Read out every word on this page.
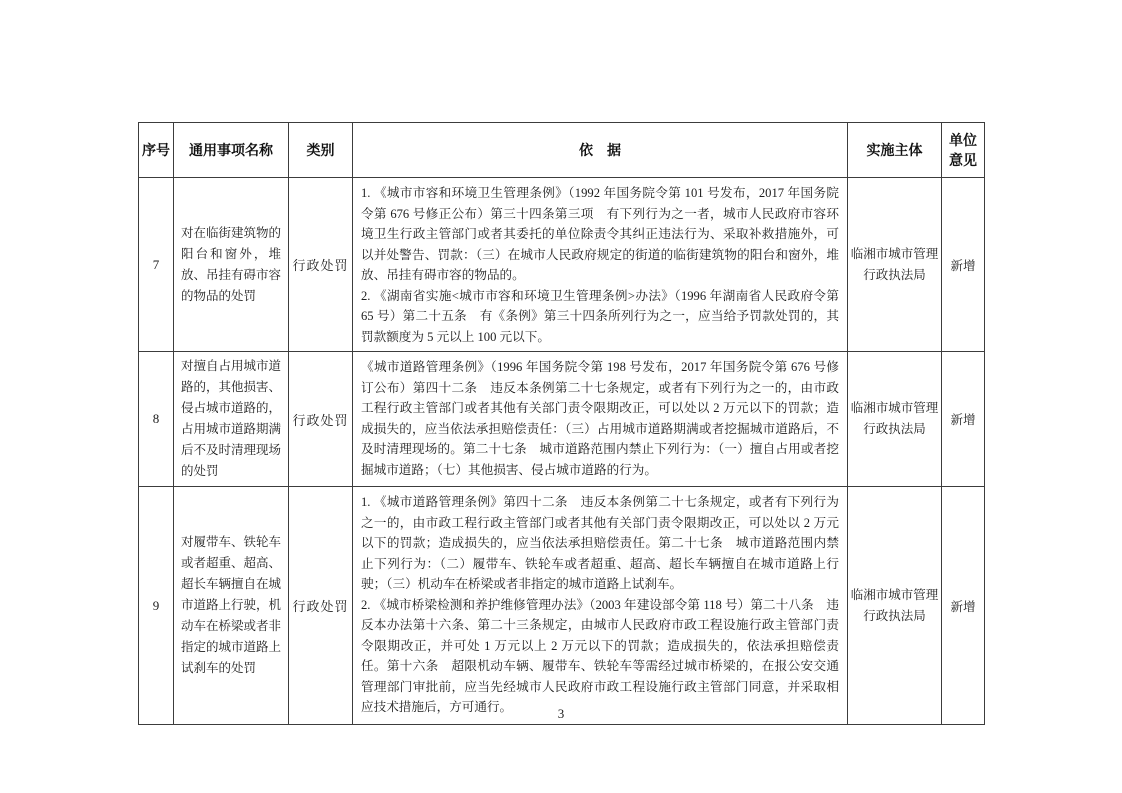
序号	通用事项名称	类别	依　据	实施主体	单位意见
7	对在临街建筑物的阳台和窗外，堆放、吊挂有碍市容的物品的处罚	行政处罚	1. 《城市市容和环境卫生管理条例》（1992 年国务院令第 101 号发布，2017 年国务院令第 676 号修正公布）第三十四条第三项　有下列行为之一者，城市人民政府市容环境卫生行政主管部门或者其委托的单位除责令其纠正违法行为、采取补救措施外，可以并处警告、罚款：（三）在城市人民政府规定的街道的临街建筑物的阳台和窗外，堆放、吊挂有碍市容的物品的。

2. 《湖南省实施<城市市容和环境卫生管理条例>办法》（1996 年湖南省人民政府令第 65 号）第二十五条　有《条例》第三十四条所列行为之一，应当给予罚款处罚的，其罚款额度为 5 元以上 100 元以下。	临湘市城市管理行政执法局	新增
8	对擅自占用城市道路的，其他损害、侵占城市道路的，占用城市道路期满后不及时清理现场的处罚	行政处罚	《城市道路管理条例》（1996 年国务院令第 198 号发布，2017 年国务院令第 676 号修订公布）第四十二条　违反本条例第二十七条规定，或者有下列行为之一的，由市政工程行政主管部门或者其他有关部门责令限期改正，可以处以 2 万元以下的罚款；造成损失的，应当依法承担赔偿责任：（三）占用城市道路期满或者挖掘城市道路后，不及时清理现场的。第二十七条　城市道路范围内禁止下列行为：（一）擅自占用或者挖掘城市道路；（七）其他损害、侵占城市道路的行为。	临湘市城市管理行政执法局	新增
9	对履带车、铁轮车或者超重、超高、超长车辆擅自在城市道路上行驶，机动车在桥梁或者非指定的城市道路上试刹车的处罚	行政处罚	1. 《城市道路管理条例》第四十二条　违反本条例第二十七条规定，或者有下列行为之一的，由市政工程行政主管部门或者其他有关部门责令限期改正，可以处以 2 万元以下的罚款；造成损失的，应当依法承担赔偿责任。第二十七条　城市道路范围内禁止下列行为：（二）履带车、铁轮车或者超重、超高、超长车辆擅自在城市道路上行驶；（三）机动车在桥梁或者非指定的城市道路上试刹车。

2. 《城市桥梁检测和养护维修管理办法》（2003 年建设部令第 118 号）第二十八条　违反本办法第十六条、第二十三条规定，由城市人民政府市政工程设施行政主管部门责令限期改正，并可处 1 万元以上 2 万元以下的罚款；造成损失的，依法承担赔偿责任。第十六条　超限机动车辆、履带车、铁轮车等需经过城市桥梁的，在报公安交通管理部门审批前，应当先经城市人民政府市政工程设施行政主管部门同意，并采取相应技术措施后，方可通行。	临湘市城市管理行政执法局	新增
3
